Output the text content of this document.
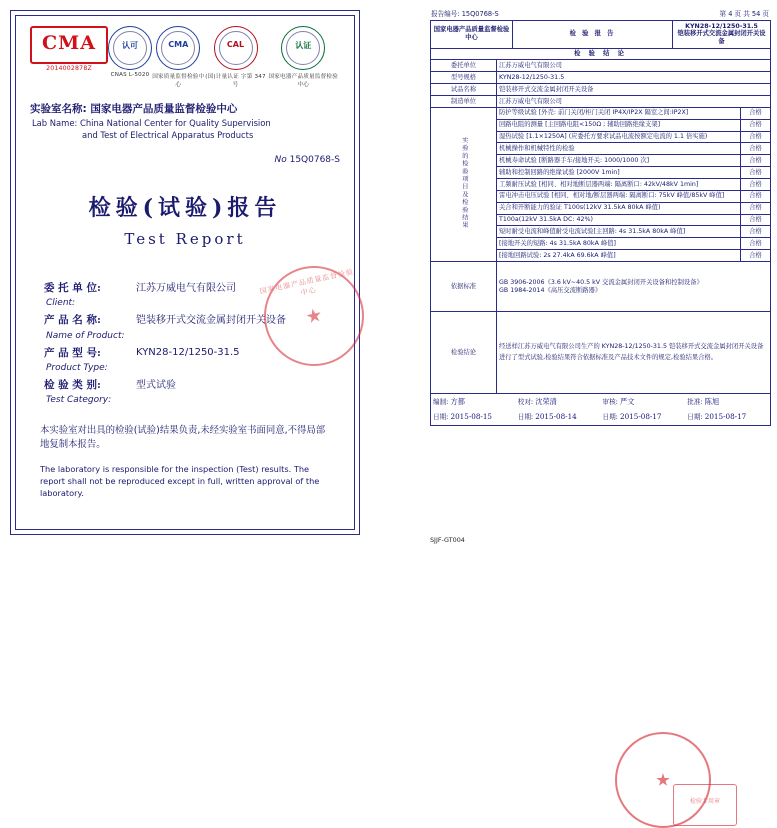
CMA
2014002878Z
认可
CNAS L-5020
CMA
国家质量监督检验中心
CAL
(国)计量认证 字第 347 号
认证
国家电器产品质量监督检验中心
实验室名称: 国家电器产品质量监督检验中心
Lab Name: China National Center for Quality Supervision
and Test of Electrical Apparatus Products
No 15Q0768-S
检验(试验)报告
Test Report
委 托 单 位:	江苏万威电气有限公司
Client:
产 品 名 称:	铠装移开式交流金属封闭开关设备
Name of Product:
产 品 型 号:	KYN28-12/1250-31.5
Product Type:
检 验 类 别:	型式试验
Test Category:
国家电器产品质量监督检验中心
本实验室对出具的检验(试验)结果负责,未经实验室书面同意,不得局部地复制本报告。
The laboratory is responsible for the inspection (Test) results. The report shall not be reproduced except in full, written approval of the laboratory.
报告编号: 15Q0768-S	第 4 页 共 54 页
国家电器产品质量监督检验中心	检 验 报 告	
KYN28-12/1250-31.5
铠装移开式交流金属封闭开关设备

检 验 结 论
委托单位	江苏万威电气有限公司
型号规格	KYN28-12/1250-31.5
试品名称	铠装移开式交流金属封闭开关设备
制造单位	江苏万威电气有限公司
实验的检验项目及检验结果	防护等级试验 [外壳: 前门关闭/柜门关闭 IP4X/IP2X 隔室之间:IP2X]	合格
回路电阻的测量 [主回路电阻<150Ω ; 辅助回路绝缘支架]	合格
湿热试验 [1.1×1250A] (应委托方要求试品电流按额定电流的 1.1 倍实施)	合格
机械操作和机械特性的检验	合格
机械寿命试验 [断路器手车/接地开关: 1000/1000 次]	合格
辅助和控制回路的绝缘试验 [2000V 1min]	合格
工频耐压试验 [相同、相对地断层器两端: 隔离断口: 42kV/48kV 1min]	合格
雷电冲击电压试验 [相同、相对地/断层器两端: 隔离断口: 75kV 峰值/85kV 峰值]	合格
关合和开断能力的验证 T100s(12kV 31.5kA 80kA 峰值)	合格
T100a(12kV 31.5kA DC: 42%)	合格
短时耐受电流和峰值耐受电流试验[主回路: 4s 31.5kA 80kA 峰值]	合格
[接地开关的短路: 4s 31.5kA 80kA 峰值]	合格
[接地回路试验: 2s 27.4kA 69.6kA 峰值]	合格
依据标准	
GB 3906-2006《3.6 kV~40.5 kV 交流金属封闭开关设备和控制设备》
GB 1984-2014《高压交流断路器》

检验结论	
经送样江苏万威电气有限公司生产的 KYN28-12/1250-31.5 铠装移开式交流金属封闭开关设备进行了型式试验,检验结果符合依据标准及产品技术文件的规定,检验结果合格。
检验专用章

编制: 方都	校对: 沈荣清	审核: 严文	批准: 陈旭
日期: 2015-08-15	日期: 2015-08-14	日期: 2015-08-17	日期: 2015-08-17
SJJF-GT004
